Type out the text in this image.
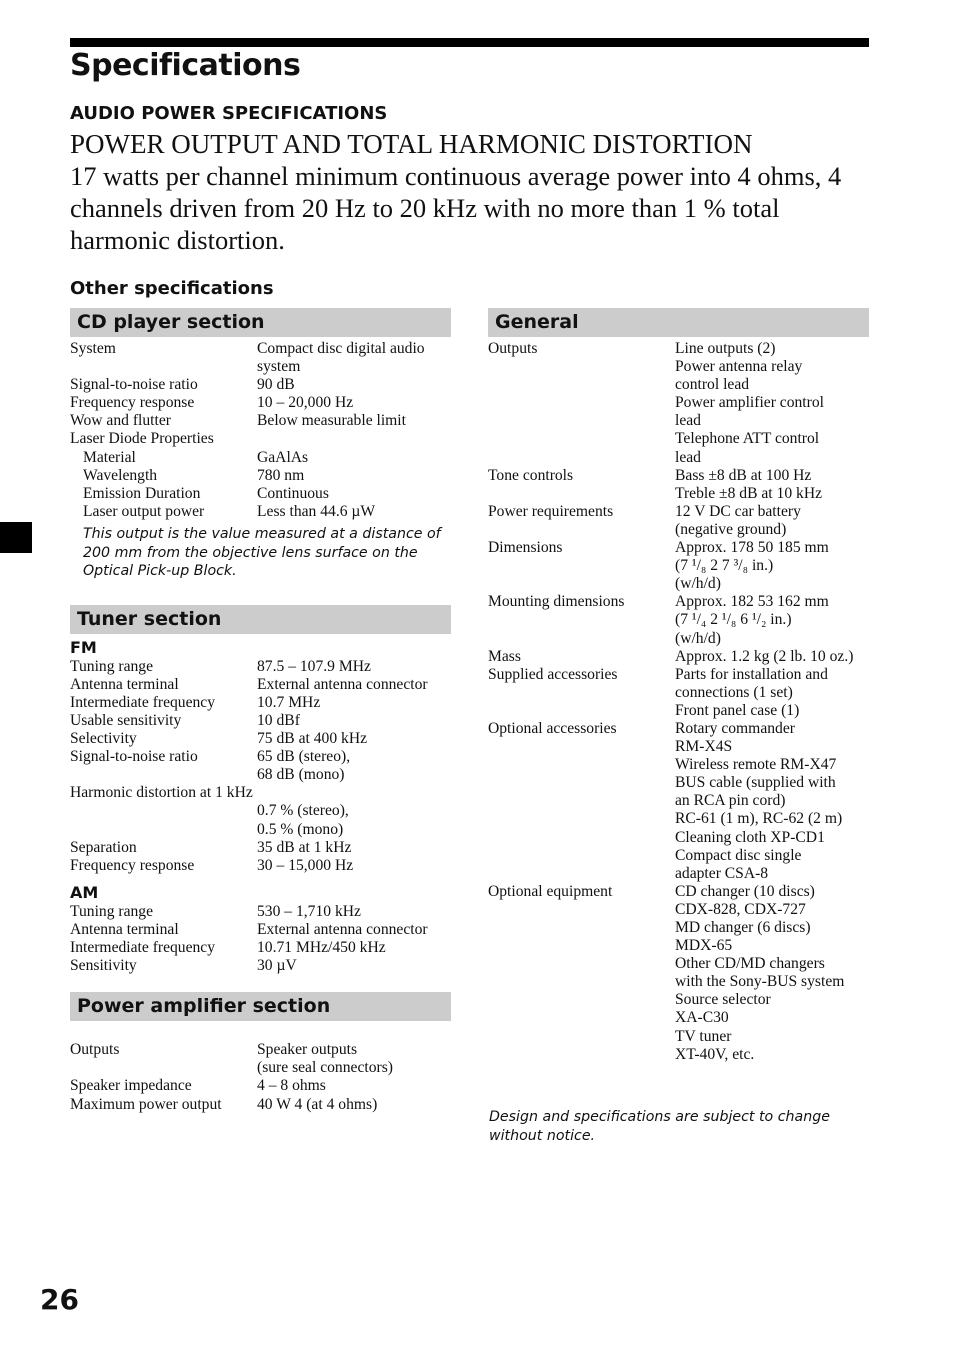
Specifications
AUDIO POWER SPECIFICATIONS
POWER OUTPUT AND TOTAL HARMONIC DISTORTION
17 watts per channel minimum continuous average power into 4 ohms, 4 channels driven from 20 Hz to 20 kHz with no more than 1 % total harmonic distortion.
Other specifications
CD player section
System	Compact disc digital audio
system
Signal-to-noise ratio	90 dB
Frequency response	10 – 20,000 Hz
Wow and flutter	Below measurable limit
Laser Diode Properties
Material	GaAlAs
Wavelength	780 nm
Emission Duration	Continuous
Laser output power	Less than 44.6 µW
This output is the value measured at a distance of 200 mm from the objective lens surface on the Optical Pick-up Block.
Tuner section
FM
Tuning range	87.5 – 107.9 MHz
Antenna terminal	External antenna connector
Intermediate frequency	10.7 MHz
Usable sensitivity	10 dBf
Selectivity	75 dB at 400 kHz
Signal-to-noise ratio	65 dB (stereo),
68 dB (mono)
Harmonic distortion at 1 kHz
0.7 % (stereo),
0.5 % (mono)
Separation	35 dB at 1 kHz
Frequency response	30 – 15,000 Hz
AM
Tuning range	530 – 1,710 kHz
Antenna terminal	External antenna connector
Intermediate frequency	10.71 MHz/450 kHz
Sensitivity	30 µV
Power amplifier section
Outputs	Speaker outputs
(sure seal connectors)
Speaker impedance	4 – 8 ohms
Maximum power output	40 W 4 (at 4 ohms)
General
Outputs	Line outputs (2)
Power antenna relay
control lead
Power amplifier control
lead
Telephone ATT control
lead
Tone controls	Bass ±8 dB at 100 Hz
Treble ±8 dB at 10 kHz
Power requirements	12 V DC car battery
(negative ground)
Dimensions	Approx. 178 50 185 mm
(7 ¹/₈ 2 7 ³/₈ in.)
(w/h/d)
Mounting dimensions	Approx. 182 53 162 mm
(7 ¹/₄ 2 ¹/₈ 6 ¹/₂ in.)
(w/h/d)
Mass	Approx. 1.2 kg (2 lb. 10 oz.)
Supplied accessories	Parts for installation and
connections (1 set)
Front panel case (1)
Optional accessories	Rotary commander
RM-X4S
Wireless remote RM-X47
BUS cable (supplied with
an RCA pin cord)
RC-61 (1 m), RC-62 (2 m)
Cleaning cloth XP-CD1
Compact disc single
adapter CSA-8
Optional equipment	CD changer (10 discs)
CDX-828, CDX-727
MD changer (6 discs)
MDX-65
Other CD/MD changers
with the Sony-BUS system
Source selector
XA-C30
TV tuner
XT-40V, etc.
Design and specifications are subject to change without notice.
26
